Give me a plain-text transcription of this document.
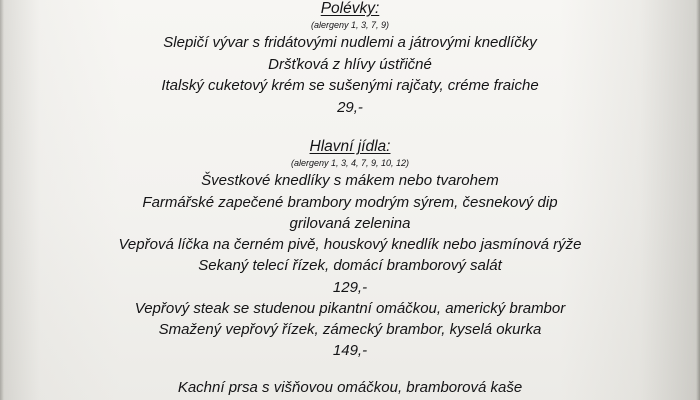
Polévky:
(alergeny 1, 3, 7, 9)
Slepičí vývar s fridátovými nudlemi a játrovými knedlíčky
Dršťková z hlívy ústřičné
Italský cuketový krém se sušenými rajčaty, créme fraiche
29,-
Hlavní jídla:
(alergeny 1, 3, 4, 7, 9, 10, 12)
Švestkové knedlíky s mákem nebo tvarohem
Farmářské zapečené brambory modrým sýrem, česnekový dip
grilovaná zelenina
Vepřová líčka na černém pivě, houskový knedlík nebo jasmínová rýže
Sekaný telecí řízek, domácí bramborový salát
129,-
Vepřový steak se studenou pikantní omáčkou, americký brambor
Smažený vepřový řízek, zámecký brambor, kyselá okurka
149,-
Kachní prsa s višňovou omáčkou, bramborová kaše
